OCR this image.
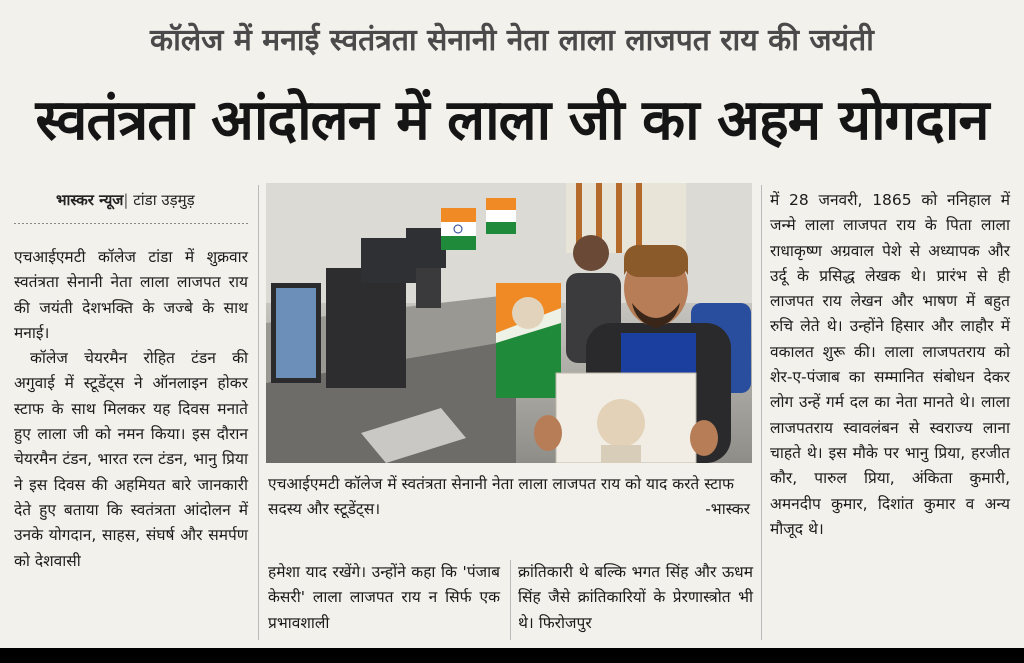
कॉलेज में मनाई स्वतंत्रता सेनानी नेता लाला लाजपत राय की जयंती
स्वतंत्रता आंदोलन में लाला जी का अहम योगदान
भास्कर न्यूज| टांडा उड़मुड़

एचआईएमटी कॉलेज टांडा में शुक्रवार स्वतंत्रता सेनानी नेता लाला लाजपत राय की जयंती देशभक्ति के जज्बे के साथ मनाई।

कॉलेज चेयरमैन रोहित टंडन की अगुवाई में स्टूडेंट्स ने ऑनलाइन होकर स्टाफ के साथ मिलकर यह दिवस मनाते हुए लाला जी को नमन किया। इस दौरान चेयरमैन टंडन, भारत रत्न टंडन, भानु प्रिया ने इस दिवस की अहमियत बारे जानकारी देते हुए बताया कि स्वतंत्रता आंदोलन में उनके योगदान, साहस, संघर्ष और समर्पण को देशवासी

एचआईएमटी कॉलेज में स्वतंत्रता सेनानी नेता लाला लाजपत राय को याद करते स्टाफ सदस्य और स्टूडेंट्स।	-भास्कर

में 28 जनवरी, 1865 को ननिहाल में जन्मे लाला लाजपत राय के पिता लाला राधाकृष्ण अग्रवाल पेशे से अध्यापक और उर्दू के प्रसिद्ध लेखक थे। प्रारंभ से ही लाजपत राय लेखन और भाषण में बहुत रुचि लेते थे। उन्होंने हिसार और लाहौर में वकालत शुरू की। लाला लाजपतराय को शेर-ए-पंजाब का सम्मानित संबोधन देकर लोग उन्हें गर्म दल का नेता मानते थे। लाला लाजपतराय स्वावलंबन से स्वराज्य लाना चाहते थे। इस मौके पर भानु प्रिया, हरजीत कौर, पारुल प्रिया, अंकिता कुमारी, अमनदीप कुमार, दिशांत कुमार व अन्य मौजूद थे।

हमेशा याद रखेंगे। उन्होंने कहा कि 'पंजाब केसरी' लाला लाजपत राय न सिर्फ एक प्रभावशाली
क्रांतिकारी थे बल्कि भगत सिंह और ऊधम सिंह जैसे क्रांतिकारियों के प्रेरणास्त्रोत भी थे। फिरोजपुर
